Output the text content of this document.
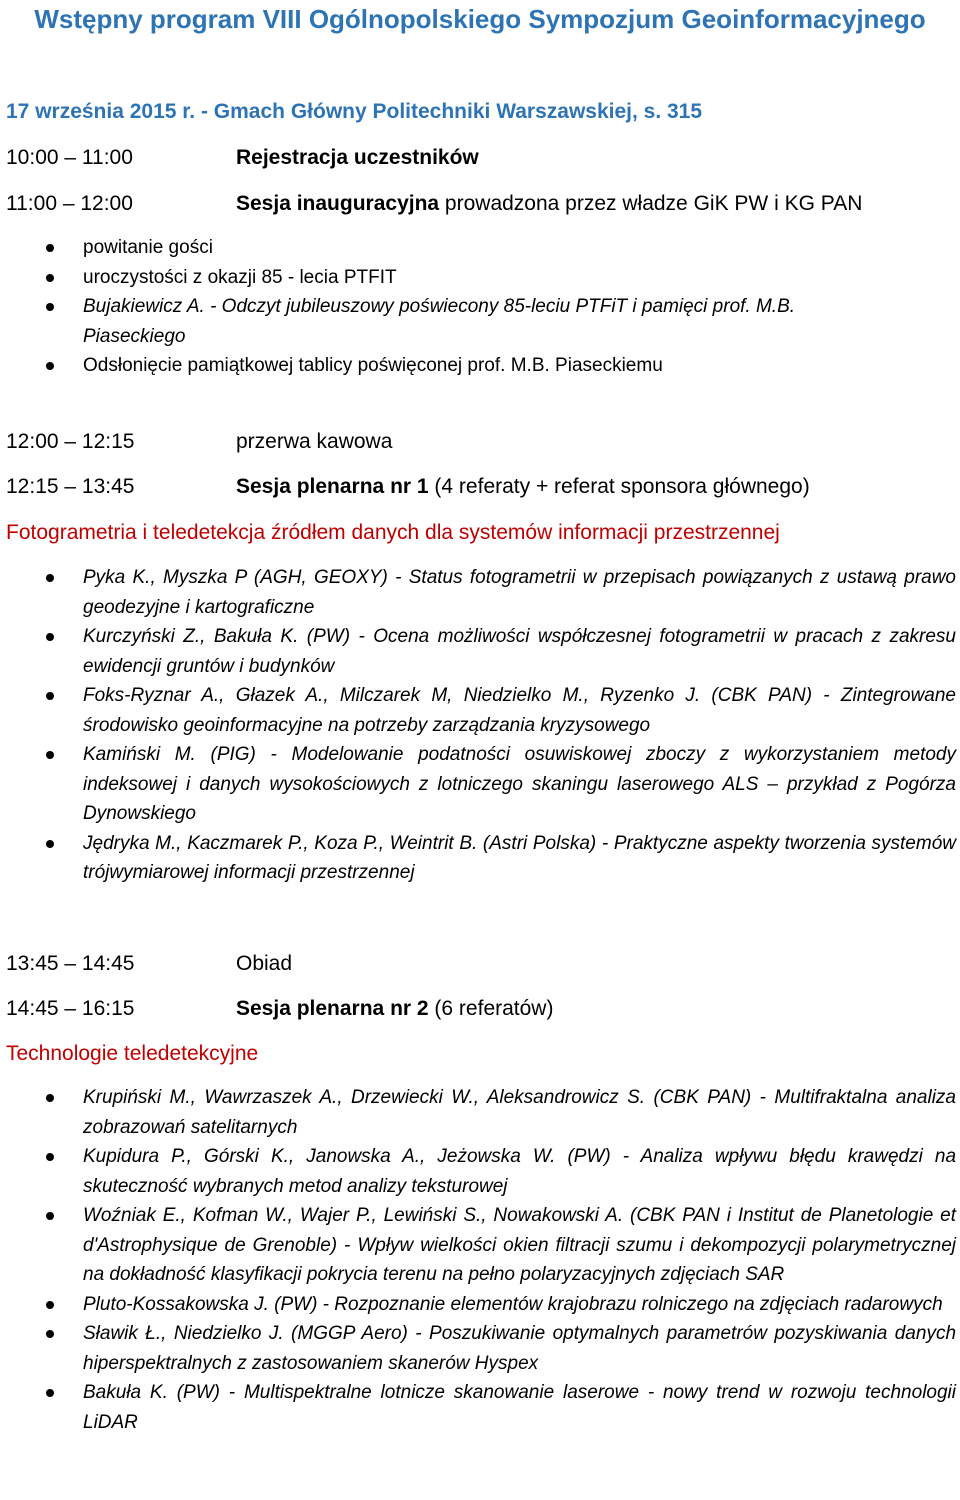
Wstępny program VIII Ogólnopolskiego Sympozjum Geoinformacyjnego
17 września 2015 r. - Gmach Główny Politechniki Warszawskiej, s. 315
10:00 – 11:00	Rejestracja uczestników
11:00 – 12:00	Sesja inauguracyjna prowadzona przez władze GiK PW i KG PAN
powitanie gości
uroczystości z okazji 85 - lecia PTFIT
Bujakiewicz A. - Odczyt jubileuszowy poświecony 85-leciu PTFiT i pamięci prof. M.B. Piaseckiego
Odsłonięcie pamiątkowej tablicy poświęconej prof. M.B. Piaseckiemu
12:00 – 12:15	przerwa kawowa
12:15 – 13:45	Sesja plenarna nr 1 (4 referaty + referat sponsora głównego)
Fotogrametria i teledetekcja źródłem danych dla systemów informacji przestrzennej
Pyka K., Myszka P (AGH, GEOXY) - Status fotogrametrii w przepisach powiązanych z ustawą prawo geodezyjne i kartograficzne
Kurczyński Z., Bakuła K. (PW) - Ocena możliwości współczesnej fotogrametrii w pracach z zakresu ewidencji gruntów i budynków
Foks-Ryznar A., Głazek A., Milczarek M, Niedzielko M., Ryzenko J. (CBK PAN) - Zintegrowane środowisko geoinformacyjne na potrzeby zarządzania kryzysowego
Kamiński M. (PIG) - Modelowanie podatności osuwiskowej zboczy z wykorzystaniem metody indeksowej i danych wysokościowych z lotniczego skaningu laserowego ALS – przykład z Pogórza Dynowskiego
Jędryka M., Kaczmarek P., Koza P., Weintrit B. (Astri Polska) - Praktyczne aspekty tworzenia systemów trójwymiarowej informacji przestrzennej
13:45 – 14:45	Obiad
14:45 – 16:15	Sesja plenarna nr 2 (6 referatów)
Technologie teledetekcyjne
Krupiński M., Wawrzaszek A., Drzewiecki W., Aleksandrowicz S. (CBK PAN) - Multifraktalna analiza zobrazowań satelitarnych
Kupidura P., Górski K., Janowska A., Jeżowska W. (PW) - Analiza wpływu błędu krawędzi na skuteczność wybranych metod analizy teksturowej
Woźniak E., Kofman W., Wajer P., Lewiński S., Nowakowski A. (CBK PAN i Institut de Planetologie et d'Astrophysique de Grenoble) - Wpływ wielkości okien filtracji szumu i dekompozycji polarymetrycznej na dokładność klasyfikacji pokrycia terenu na pełno polaryzacyjnych zdjęciach SAR
Pluto-Kossakowska J. (PW) - Rozpoznanie elementów krajobrazu rolniczego na zdjęciach radarowych
Sławik Ł., Niedzielko J. (MGGP Aero) - Poszukiwanie optymalnych parametrów pozyskiwania danych hiperspektralnych z zastosowaniem skanerów Hyspex
Bakuła K. (PW) - Multispektralne lotnicze skanowanie laserowe - nowy trend w rozwoju technologii LiDAR
